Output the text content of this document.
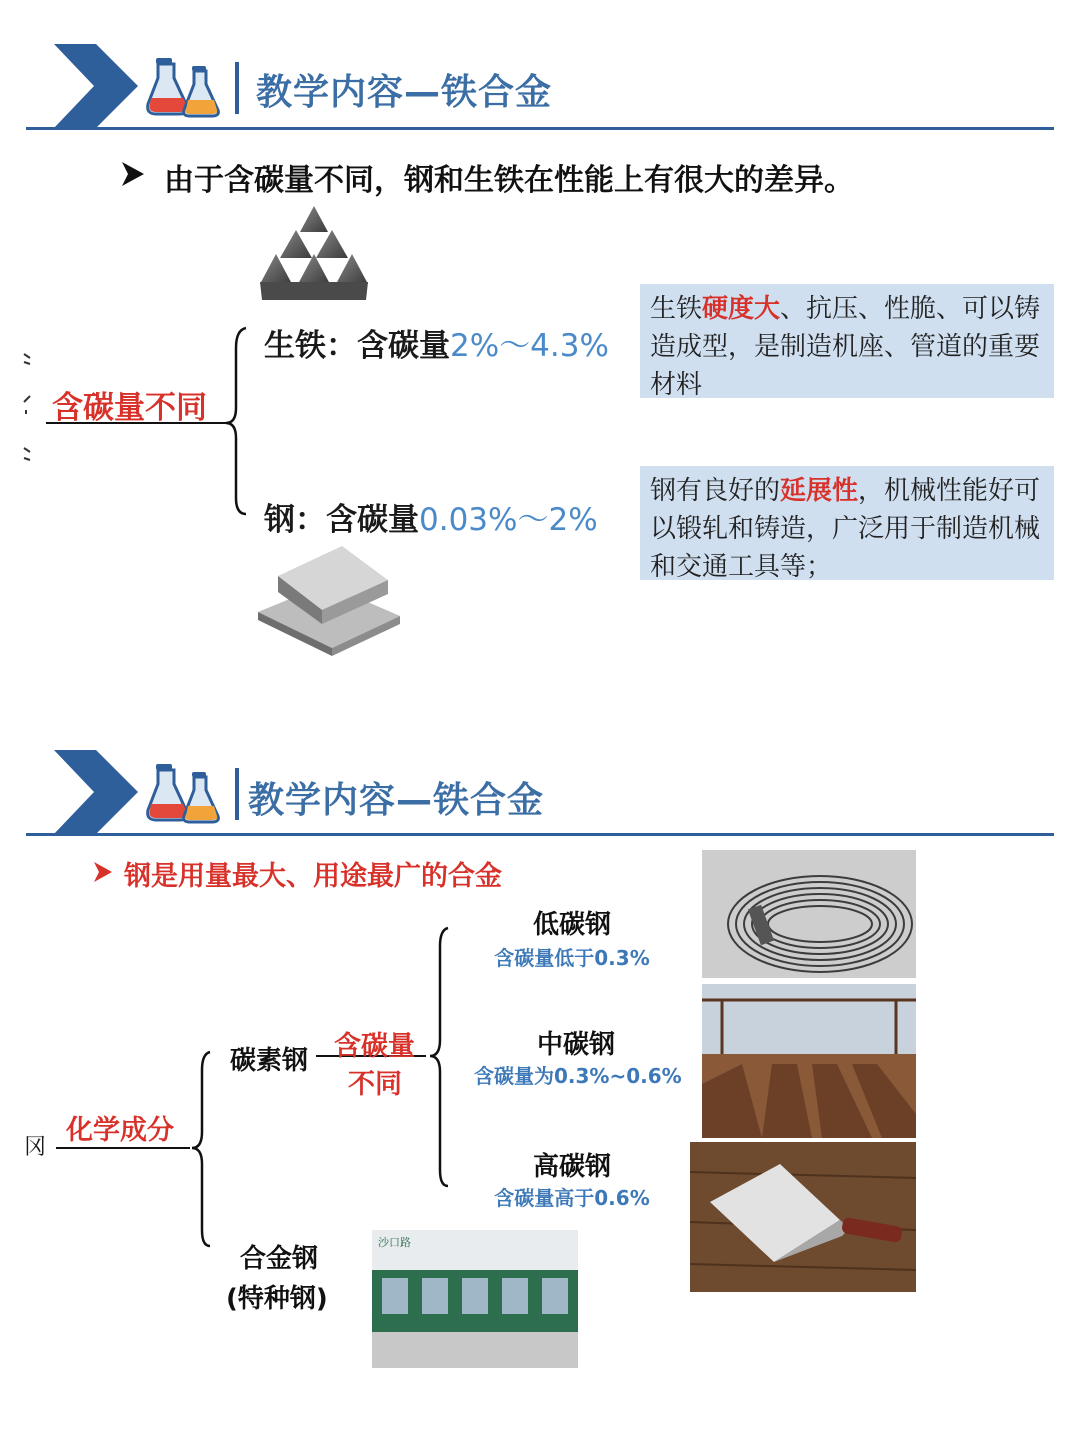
教学内容—铁合金
由于含碳量不同，钢和生铁在性能上有很大的差异。
含碳量不同
生铁：含碳量2%～4.3%
钢：含碳量0.03%～2%
生铁硬度大、抗压、性脆、可以铸造成型，是制造机座、管道的重要材料
钢有良好的延展性，机械性能好可以锻轧和铸造，广泛用于制造机械和交通工具等；
教学内容—铁合金
钢是用量最大、用途最广的合金
冈
化学成分
碳素钢 含碳量
不同
低碳钢
含碳量低于0.3%
中碳钢
含碳量为0.3%~0.6%
高碳钢
含碳量高于0.6%
合金钢
(特种钢)
沙口路
